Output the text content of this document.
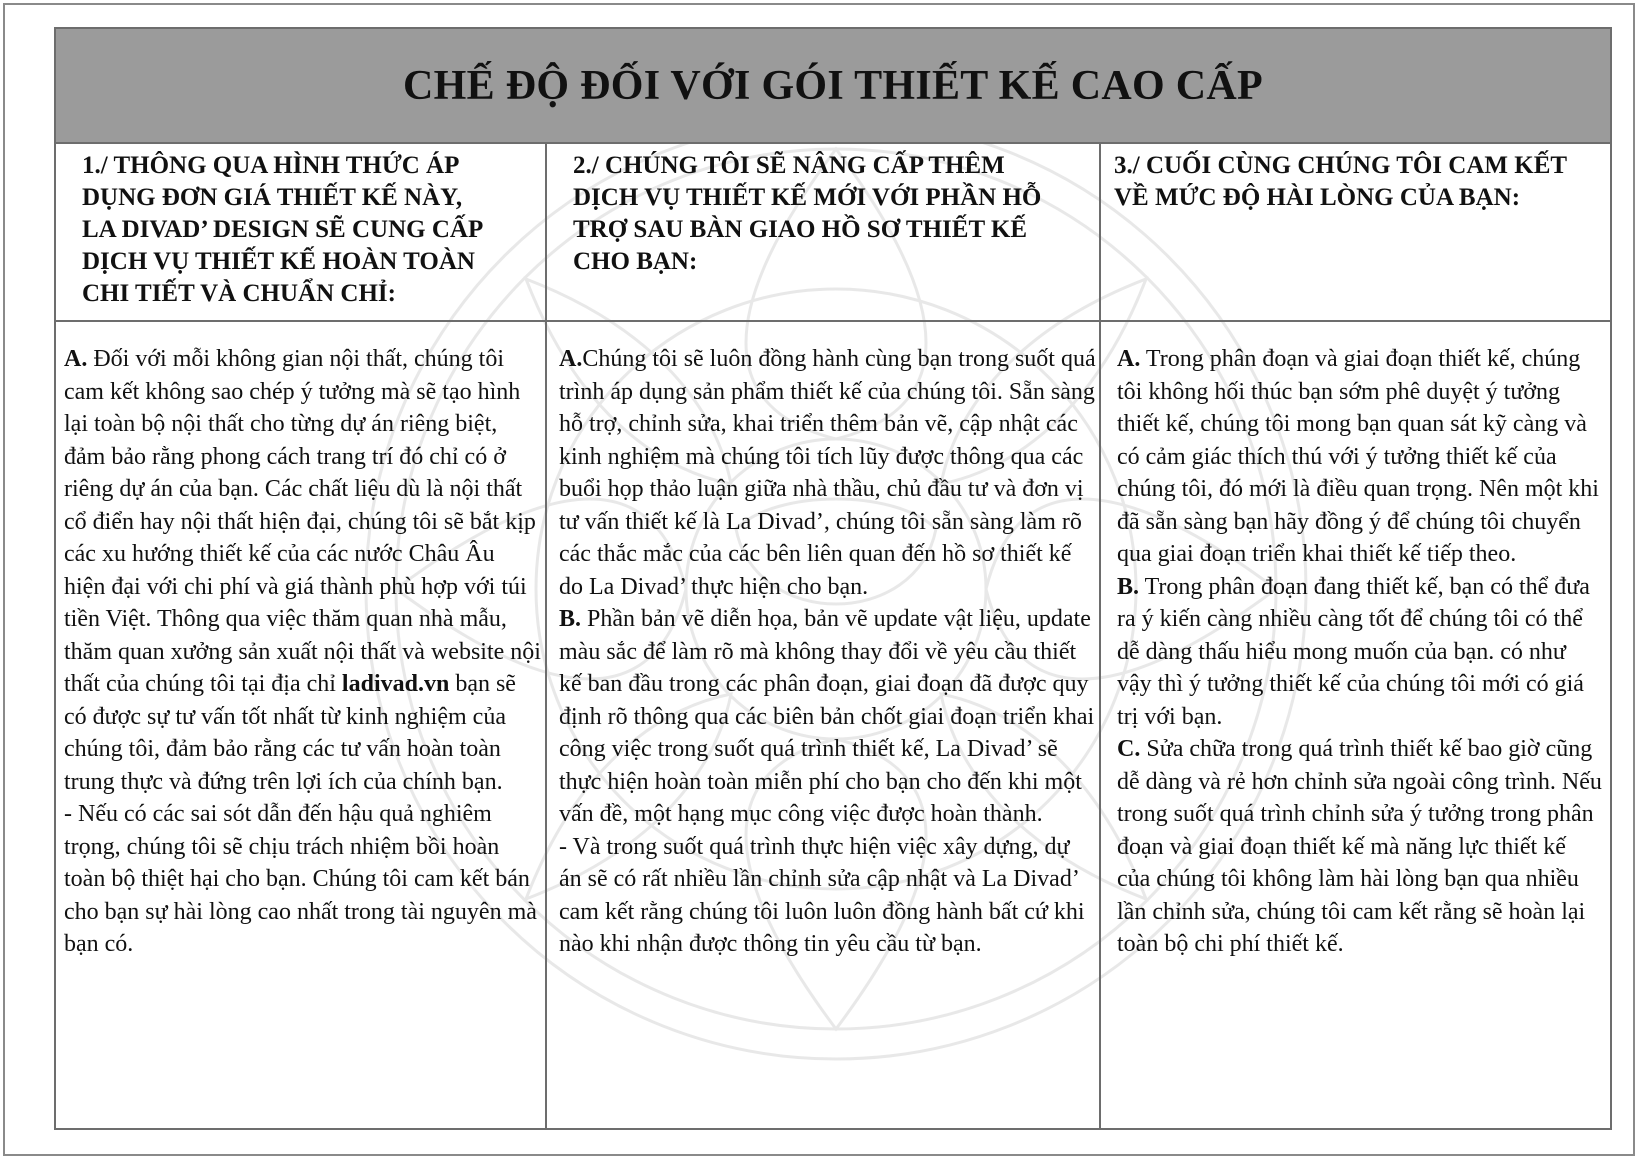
CHẾ ĐỘ ĐỐI VỚI GÓI THIẾT KẾ CAO CẤP
1./ THÔNG QUA HÌNH THỨC ÁP
DỤNG ĐƠN GIÁ THIẾT KẾ NÀY,
LA DIVAD’ DESIGN SẼ CUNG CẤP
DỊCH VỤ THIẾT KẾ HOÀN TOÀN
CHI TIẾT VÀ CHUẨN CHỈ:
2./ CHÚNG TÔI SẼ NÂNG CẤP THÊM
DỊCH VỤ THIẾT KẾ MỚI VỚI PHẦN HỖ
TRỢ SAU BÀN GIAO HỒ SƠ THIẾT KẾ
CHO BẠN:
3./ CUỐI CÙNG CHÚNG TÔI CAM KẾT
VỀ MỨC ĐỘ HÀI LÒNG CỦA BẠN:

A. Đối với mỗi không gian nội thất, chúng tôi cam kết không sao chép ý tưởng mà sẽ tạo hình lại toàn bộ nội thất cho từng dự án riêng biệt, đảm bảo rằng phong cách trang trí đó chỉ có ở riêng dự án của bạn. Các chất liệu dù là nội thất cổ điển hay nội thất hiện đại, chúng tôi sẽ bắt kịp các xu hướng thiết kế của các nước Châu Âu hiện đại với chi phí và giá thành phù hợp với túi tiền Việt. Thông qua việc thăm quan nhà mẫu, thăm quan xưởng sản xuất nội thất và website nội thất của chúng tôi tại địa chỉ ladivad.vn bạn sẽ có được sự tư vấn tốt nhất từ kinh nghiệm của chúng tôi, đảm bảo rằng các tư vấn hoàn toàn trung thực và đứng trên lợi ích của chính bạn.

- Nếu có các sai sót dẫn đến hậu quả nghiêm trọng, chúng tôi sẽ chịu trách nhiệm bồi hoàn toàn bộ thiệt hại cho bạn. Chúng tôi cam kết bán cho bạn sự hài lòng cao nhất trong tài nguyên mà bạn có.

A.Chúng tôi sẽ luôn đồng hành cùng bạn trong suốt quá trình áp dụng sản phẩm thiết kế của chúng tôi. Sẵn sàng hỗ trợ, chỉnh sửa, khai triển thêm bản vẽ, cập nhật các kinh nghiệm mà chúng tôi tích lũy được thông qua các buổi họp thảo luận giữa nhà thầu, chủ đầu tư và đơn vị tư vấn thiết kế là La Divad’, chúng tôi sẵn sàng làm rõ các thắc mắc của các bên liên quan đến hồ sơ thiết kế do La Divad’ thực hiện cho bạn.

B. Phần bản vẽ diễn họa, bản vẽ update vật liệu, update màu sắc để làm rõ mà không thay đổi về yêu cầu thiết kế ban đầu trong các phân đoạn, giai đoạn đã được quy định rõ thông qua các biên bản chốt giai đoạn triển khai công việc trong suốt quá trình thiết kế, La Divad’ sẽ thực hiện hoàn toàn miễn phí cho bạn cho đến khi một vấn đề, một hạng mục công việc được hoàn thành.

- Và trong suốt quá trình thực hiện việc xây dựng, dự án sẽ có rất nhiều lần chỉnh sửa cập nhật và La Divad’ cam kết rằng chúng tôi luôn luôn đồng hành bất cứ khi nào khi nhận được thông tin yêu cầu từ bạn.

A. Trong phân đoạn và giai đoạn thiết kế, chúng tôi không hối thúc bạn sớm phê duyệt ý tưởng thiết kế, chúng tôi mong bạn quan sát kỹ càng và có cảm giác thích thú với ý tưởng thiết kế của chúng tôi, đó mới là điều quan trọng. Nên một khi đã sẵn sàng bạn hãy đồng ý để chúng tôi chuyển qua giai đoạn triển khai thiết kế tiếp theo.

B. Trong phân đoạn đang thiết kế, bạn có thể đưa ra ý kiến càng nhiều càng tốt để chúng tôi có thể dễ dàng thấu hiểu mong muốn của bạn. có như vậy thì ý tưởng thiết kế của chúng tôi mới có giá trị với bạn.

C. Sửa chữa trong quá trình thiết kế bao giờ cũng dễ dàng và rẻ hơn chỉnh sửa ngoài công trình. Nếu trong suốt quá trình chỉnh sửa ý tưởng trong phân đoạn và giai đoạn thiết kế mà năng lực thiết kế của chúng tôi không làm hài lòng bạn qua nhiều lần chỉnh sửa, chúng tôi cam kết rằng sẽ hoàn lại toàn bộ chi phí thiết kế.
